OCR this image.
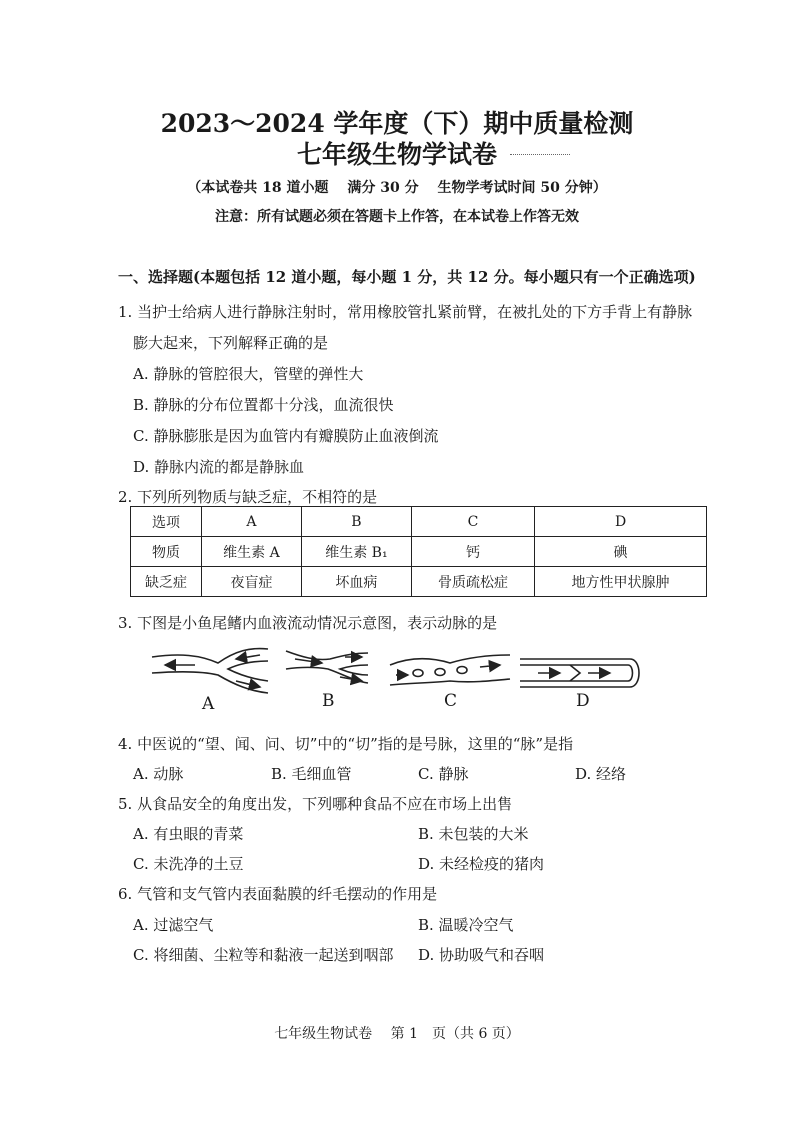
2023～2024 学年度（下）期中质量检测
七年级生物学试卷
（本试卷共 18 道小题　 满分 30 分　 生物学考试时间 50 分钟）
注意：所有试题必须在答题卡上作答，在本试卷上作答无效
一、选择题(本题包括 12 道小题，每小题 1 分，共 12 分。每小题只有一个正确选项)
1. 当护士给病人进行静脉注射时，常用橡胶管扎紧前臂，在被扎处的下方手背上有静脉
膨大起来，下列解释正确的是
A. 静脉的管腔很大，管壁的弹性大
B. 静脉的分布位置都十分浅，血流很快
C. 静脉膨胀是因为血管内有瓣膜防止血液倒流
D. 静脉内流的都是静脉血
2. 下列所列物质与缺乏症，不相符的是
选项	A	B	C	D
物质	维生素 A	维生素 B₁	钙	碘
缺乏症	夜盲症	坏血病	骨质疏松症	地方性甲状腺肿
3. 下图是小鱼尾鳍内血液流动情况示意图，表示动脉的是
A	B	C	D
4. 中医说的“望、闻、问、切”中的“切”指的是号脉，这里的“脉”是指
A. 动脉	B. 毛细血管	C. 静脉	D. 经络
5. 从食品安全的角度出发，下列哪种食品不应在市场上出售
A. 有虫眼的青菜	B. 未包装的大米
C. 未洗净的土豆	D. 未经检疫的猪肉
6. 气管和支气管内表面黏膜的纤毛摆动的作用是
A. 过滤空气	B. 温暖冷空气
C. 将细菌、尘粒等和黏液一起送到咽部 D. 协助吸气和吞咽
七年级生物试卷　 第 1　页（共 6 页）
